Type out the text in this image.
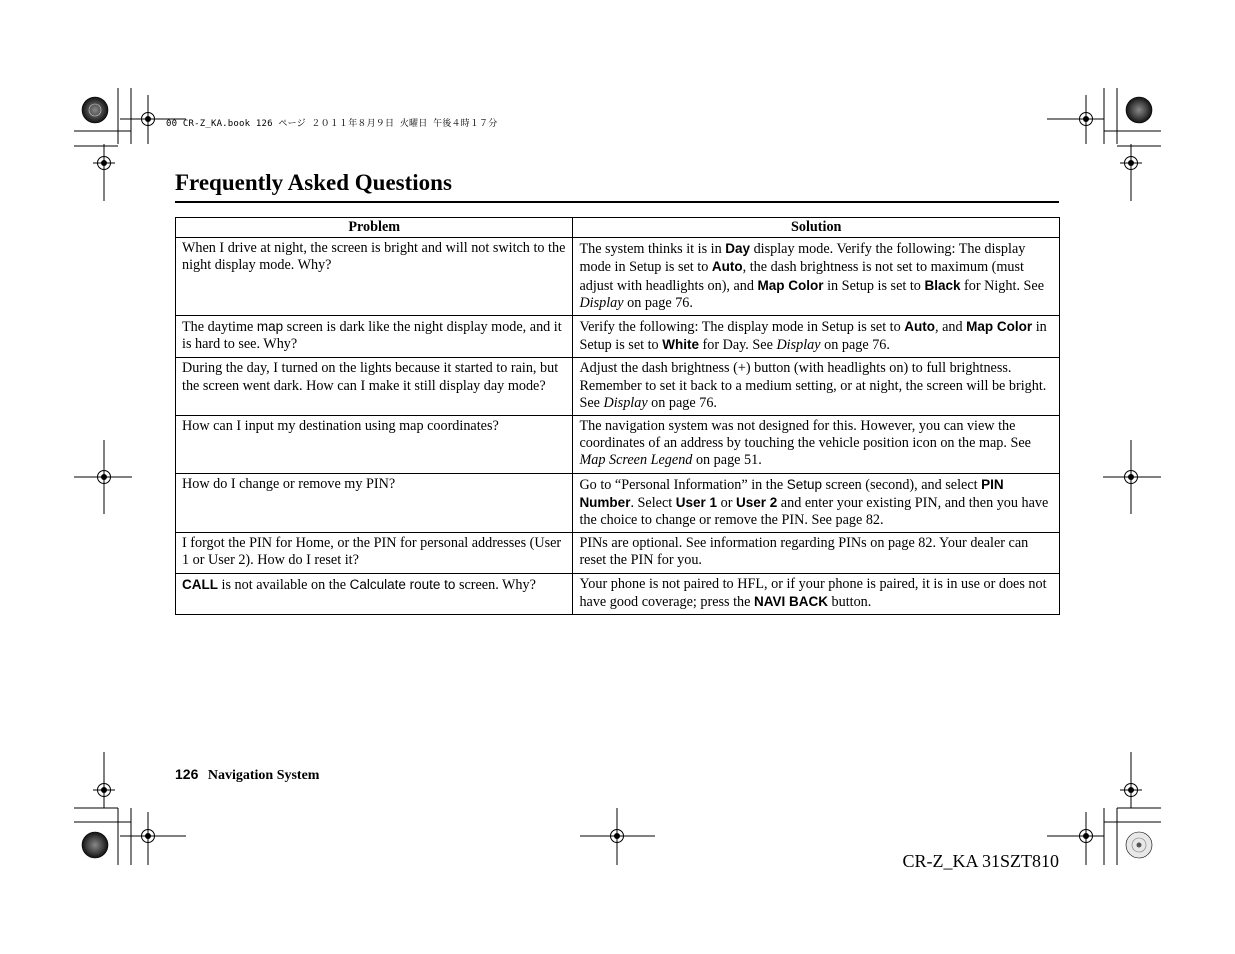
00 CR-Z_KA.book 126 ページ ２０１１年８月９日 火曜日 午後４時１７分
Frequently Asked Questions
Problem	Solution
When I drive at night, the screen is bright and will not switch to the night display mode. Why?	The system thinks it is in Day display mode. Verify the following: The display mode in Setup is set to Auto, the dash brightness is not set to maximum (must adjust with headlights on), and Map Color in Setup is set to Black for Night. See Display on page 76.
The daytime map screen is dark like the night display mode, and it is hard to see. Why?	Verify the following: The display mode in Setup is set to Auto, and Map Color in Setup is set to White for Day. See Display on page 76.
During the day, I turned on the lights because it started to rain, but the screen went dark. How can I make it still display day mode?	Adjust the dash brightness (+) button (with headlights on) to full brightness. Remember to set it back to a medium setting, or at night, the screen will be bright. See Display on page 76.
How can I input my destination using map coordinates?	The navigation system was not designed for this. However, you can view the coordinates of an address by touching the vehicle position icon on the map. See Map Screen Legend on page 51.
How do I change or remove my PIN?	Go to “Personal Information” in the Setup screen (second), and select PIN Number. Select User 1 or User 2 and enter your existing PIN, and then you have the choice to change or remove the PIN. See page 82.
I forgot the PIN for Home, or the PIN for personal addresses (User 1 or User 2). How do I reset it?	PINs are optional. See information regarding PINs on page 82. Your dealer can reset the PIN for you.
CALL is not available on the Calculate route to screen. Why?	Your phone is not paired to HFL, or if your phone is paired, it is in use or does not have good coverage; press the NAVI BACK button.
126 Navigation System
CR-Z_KA 31SZT810
